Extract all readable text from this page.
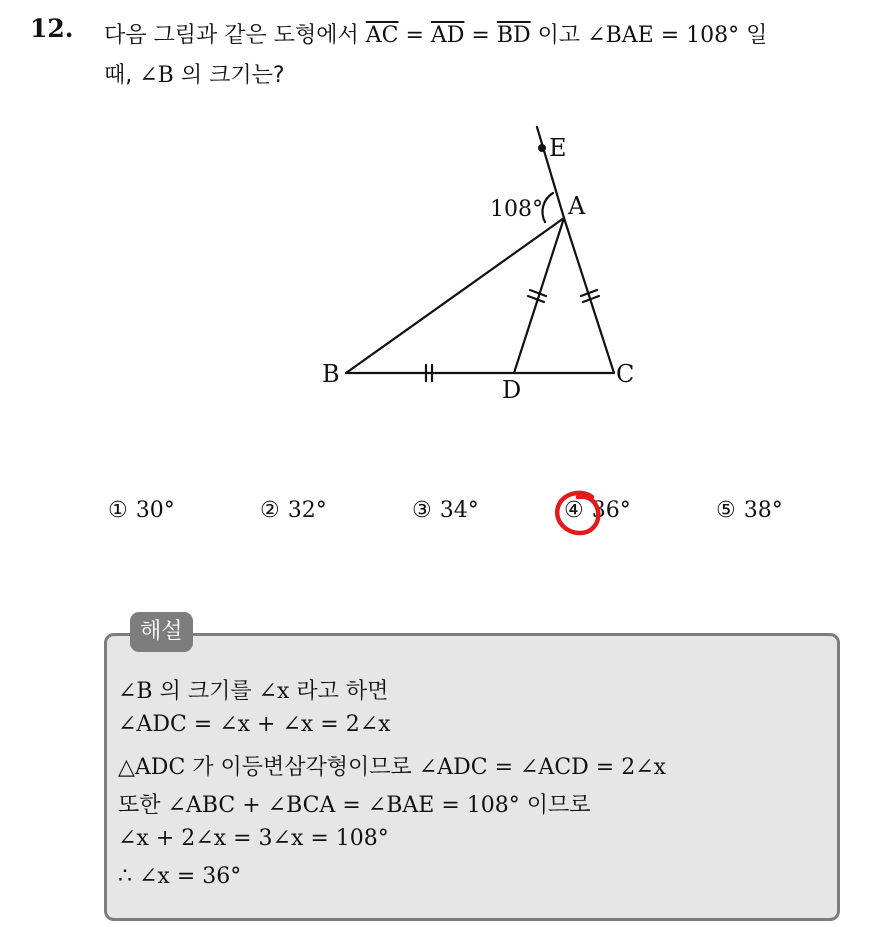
12. 다음 그림과 같은 도형에서 $\overline{AC} = \overline{AD} = \overline{BD}$ 이고 ∠BAE = 108° 일
때, ∠B 의 크기는?
E
A
B	C
D
108°
① 30°	② 32°	③ 34°	④ 36°	⑤ 38°
해설
∠B 의 크기를 ∠x 라고 하면
∠ADC = ∠x + ∠x = 2∠x
△ADC 가 이등변삼각형이므로 ∠ADC = ∠ACD = 2∠x
또한 ∠ABC + ∠BCA = ∠BAE = 108° 이므로
∠x + 2∠x = 3∠x = 108°
∴ ∠x = 36°
